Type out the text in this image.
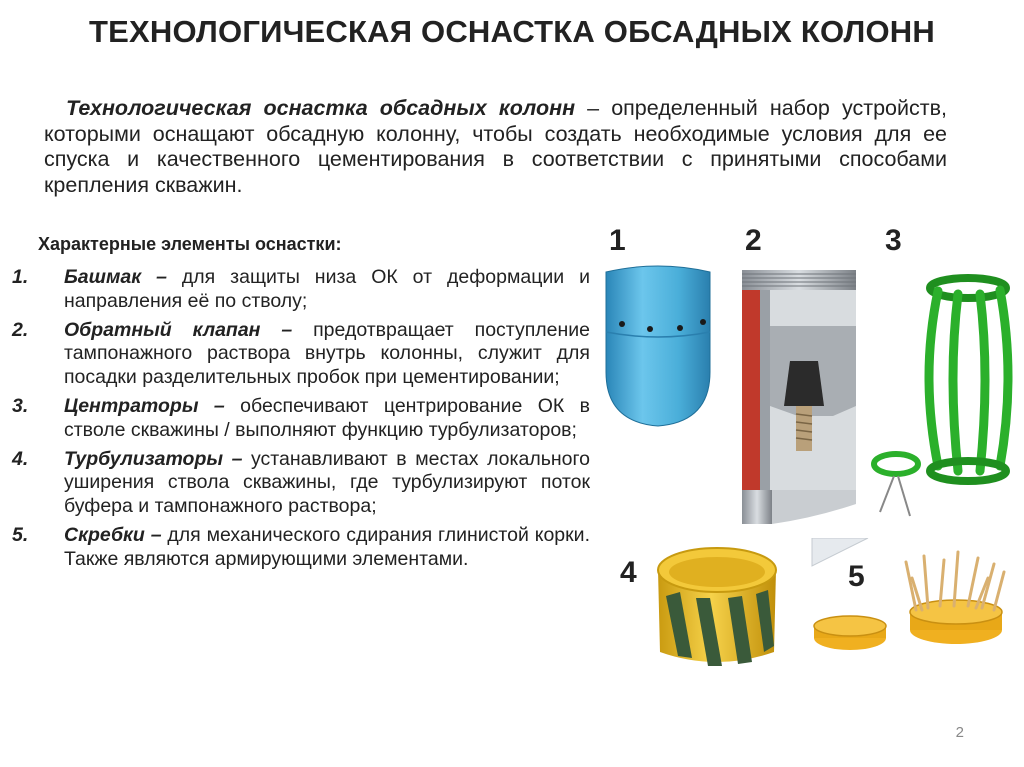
ТЕХНОЛОГИЧЕСКАЯ ОСНАСТКА ОБСАДНЫХ КОЛОНН
Технологическая оснастка обсадных колонн – определенный набор устройств, которыми оснащают обсадную колонну, чтобы создать необходимые условия для ее спуска и качественного цементирования в соответствии с принятыми способами крепления скважин.
Характерные элементы оснастки:
1. Башмак – для защиты низа ОК от деформации и направления её по стволу;
2. Обратный клапан – предотвращает поступление тампонажного раствора внутрь колонны, служит для посадки разделительных пробок при цементировании;
3. Центраторы – обеспечивают центрирование ОК в стволе скважины / выполняют функцию турбулизаторов;
4. Турбулизаторы – устанавливают в местах локального уширения ствола скважины, где турбулизируют поток буфера и тампонажного раствора;
5. Скребки – для механического сдирания глинистой корки. Также являются армирующими элементами.
1	2	3
4	5
2
